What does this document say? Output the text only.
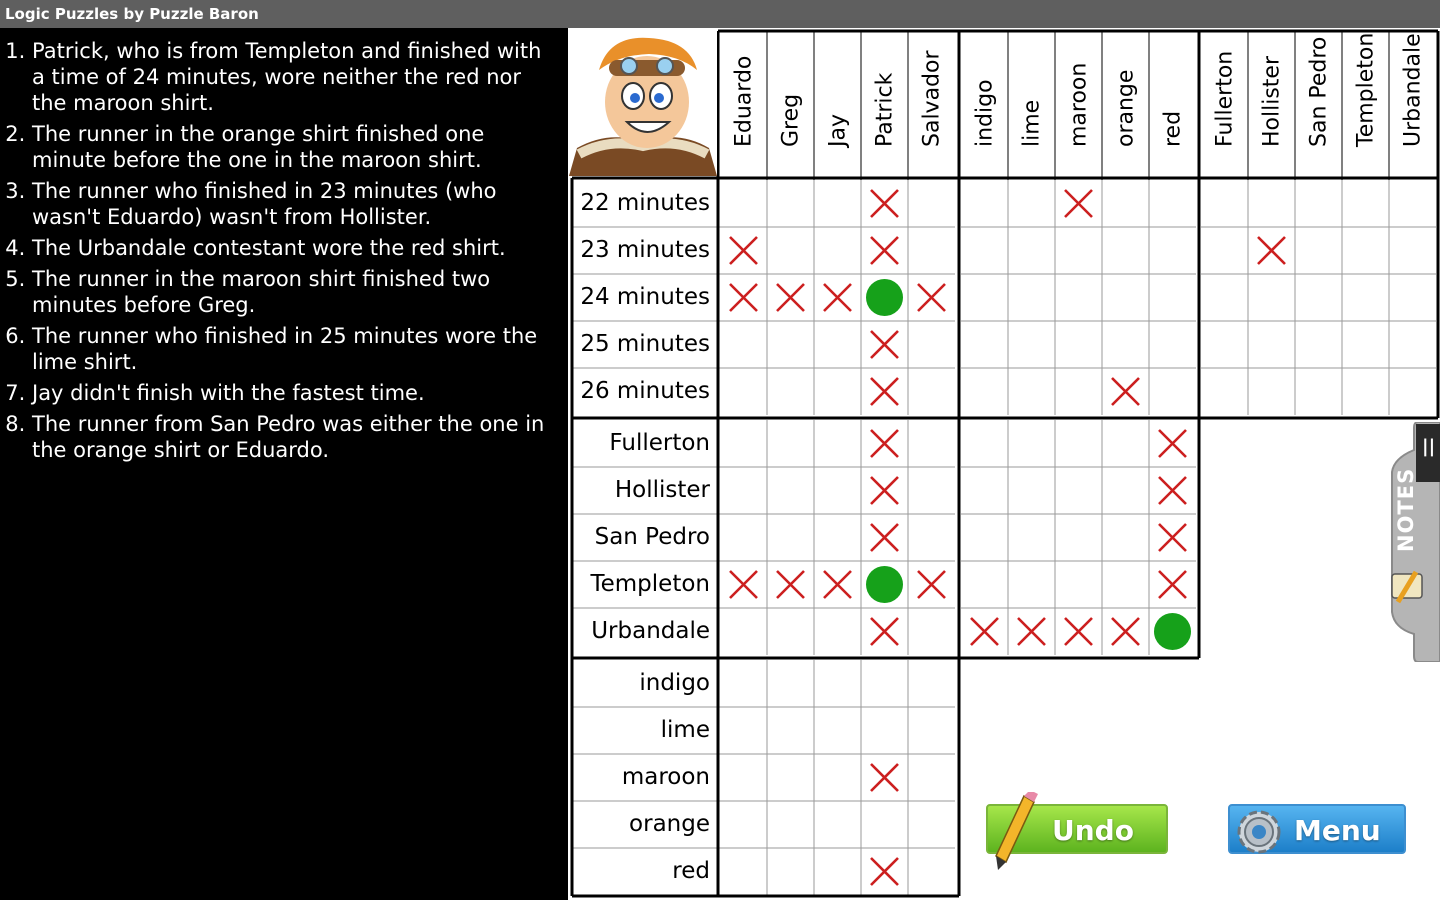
Logic Puzzles by Puzzle Baron
1. Patrick, who is from Templeton and finished with a time of 24 minutes, wore neither the red nor the maroon shirt.
2. The runner in the orange shirt finished one minute before the one in the maroon shirt.
3. The runner who finished in 23 minutes (who wasn't Eduardo) wasn't from Hollister.
4. The Urbandale contestant wore the red shirt.
5. The runner in the maroon shirt finished two minutes before Greg.
6. The runner who finished in 25 minutes wore the lime shirt.
7. Jay didn't finish with the fastest time.
8. The runner from San Pedro was either the one in the orange shirt or Eduardo.
Eduardo Greg Jay Patrick Salvador indigo lime maroon orange red Fullerton Hollister San Pedro Templeton Urbandale
22 minutes
23 minutes
24 minutes
25 minutes
26 minutes
Fullerton
Hollister
San Pedro
Templeton
Urbandale
indigo
lime
maroon
orange
red
||
NOTES
Undo	Menu
